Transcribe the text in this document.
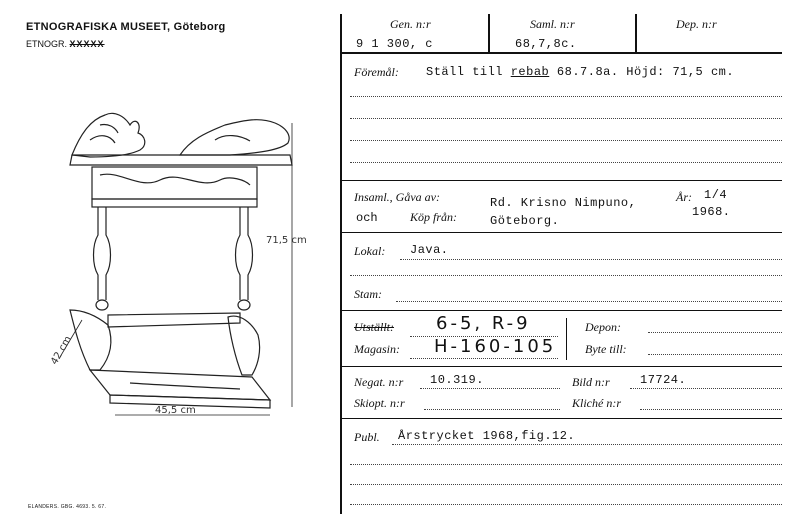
ETNOGRAFISKA MUSEET, Göteborg
ETNOGR. XXXXX
71,5 cm
42 cm
45,5 cm
ELANDERS. GBG. 4693. 5. 67.
Gen. n:r	Saml. n:r	Dep. n:r
9 1 300, c	68,7,8c.
Föremål: Ställ till rebab 68.7.8a. Höjd: 71,5 cm.
Insaml., Gåva av:
och	Köp från:
Rd. Krisno Nimpuno,
Göteborg.
År: 1/4
1968.
Lokal: Java.
Stam:
Utställt: 6-5, R-9
Magasin: H-160-105
Depon:
Byte till:
Negat. n:r 10.319.	Bild n:r	17724.
Skiopt. n:r	Kliché n:r
Publ. Årstrycket 1968,fig.12.
